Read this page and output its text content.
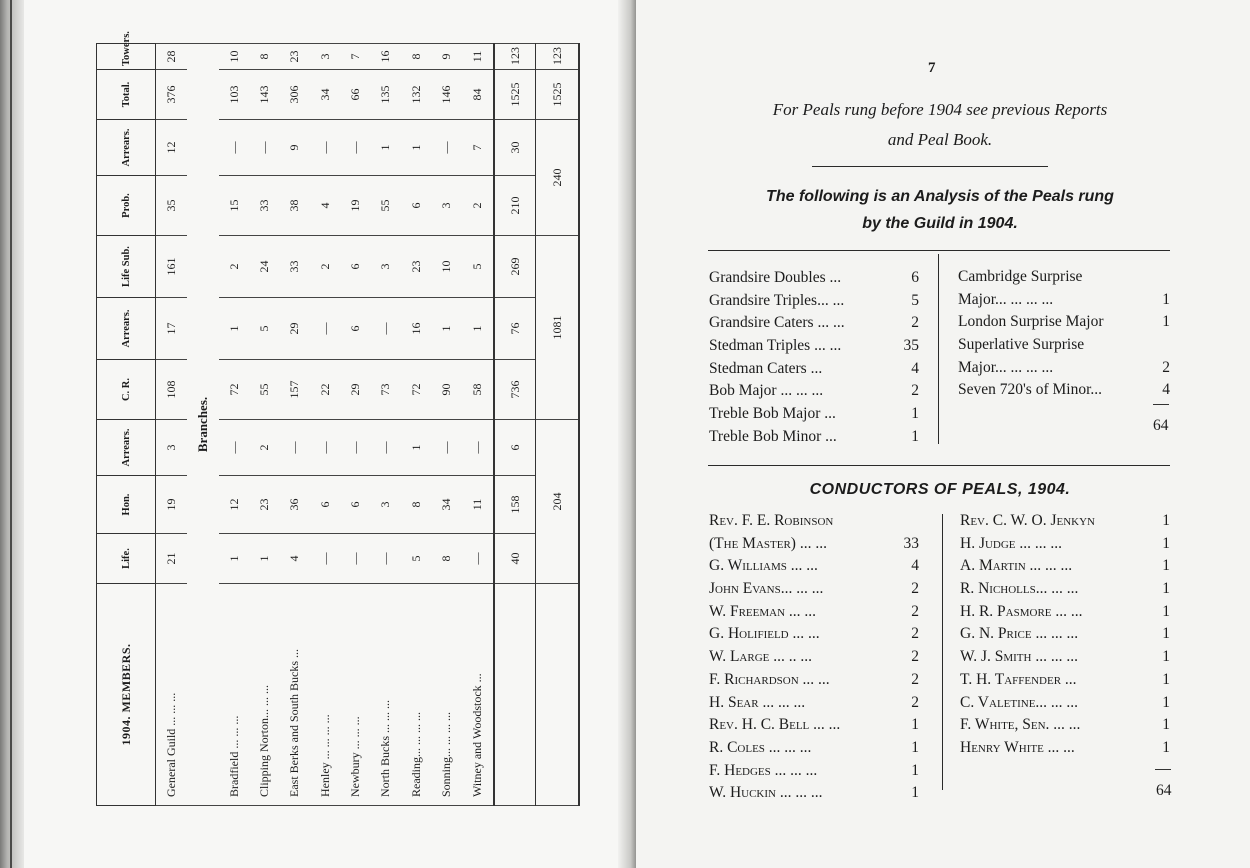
1904. MEMBERS.	Life.	Hon.	Arrears.	C. R.	Arrears.	Life Sub.	Prob.	Arrears.	Total.	Towers.
General Guild ... ... ...	21	19	3	108	17	161	35	12	376	28
Branches.										
Bradfield ... ... ...	1	12	—	72	1	2	15	—	103	10
Clipping Norton... ... ...	1	23	2	55	5	24	33	—	143	8
East Berks and South Bucks ...	4	36	—	157	29	33	38	9	306	23
Henley ... ... ... ...	—	6	—	22	—	2	4	—	34	3
Newbury ... ... ...	—	6	—	29	6	6	19	—	66	7
North Bucks ... ... ...	—	3	—	73	—	3	55	1	135	16
Reading... ... ... ...	5	8	1	72	16	23	6	1	132	8
Sonning... ... ... ...	8	34	—	90	1	10	3	—	146	9
Witney and Woodstock ...	—	11	—	58	1	5	2	7	84	11
	40	158	6	736	76	269	210	30	1525	123
	204			1081			240		1525	123
7
For Peals rung before 1904 see previous Reports
and Peal Book.
The following is an Analysis of the Peals rung
by the Guild in 1904.
Grandsire Doubles ...	6
Grandsire Triples... ...	5
Grandsire Caters ... ...	2
Stedman Triples ... ...	35
Stedman Caters ...	4
Bob Major ... ... ...	2
Treble Bob Major ...	1
Treble Bob Minor ...	1
Cambridge Surprise
Major... ... ... ...	1
London Surprise Major	1
Superlative Surprise
Major... ... ... ...	2
Seven 720's of Minor...	4
64
CONDUCTORS OF PEALS, 1904.
Rev. F. E. Robinson
(The Master) ... ...	33
G. Williams ... ...	4
John Evans... ... ...	2
W. Freeman ... ...	2
G. Holifield ... ...	2
W. Large ... .. ...	2
F. Richardson ... ...	2
H. Sear ... ... ...	2
Rev. H. C. Bell ... ...	1
R. Coles ... ... ...	1
F. Hedges ... ... ...	1
W. Huckin ... ... ...	1
Rev. C. W. O. Jenkyn	1
H. Judge ... ... ...	1
A. Martin ... ... ...	1
R. Nicholls... ... ...	1
H. R. Pasmore ... ...	1
G. N. Price ... ... ...	1
W. J. Smith ... ... ...	1
T. H. Taffender ...	1
C. Valetine... ... ...	1
F. White, Sen. ... ...	1
Henry White ... ...	1
64
